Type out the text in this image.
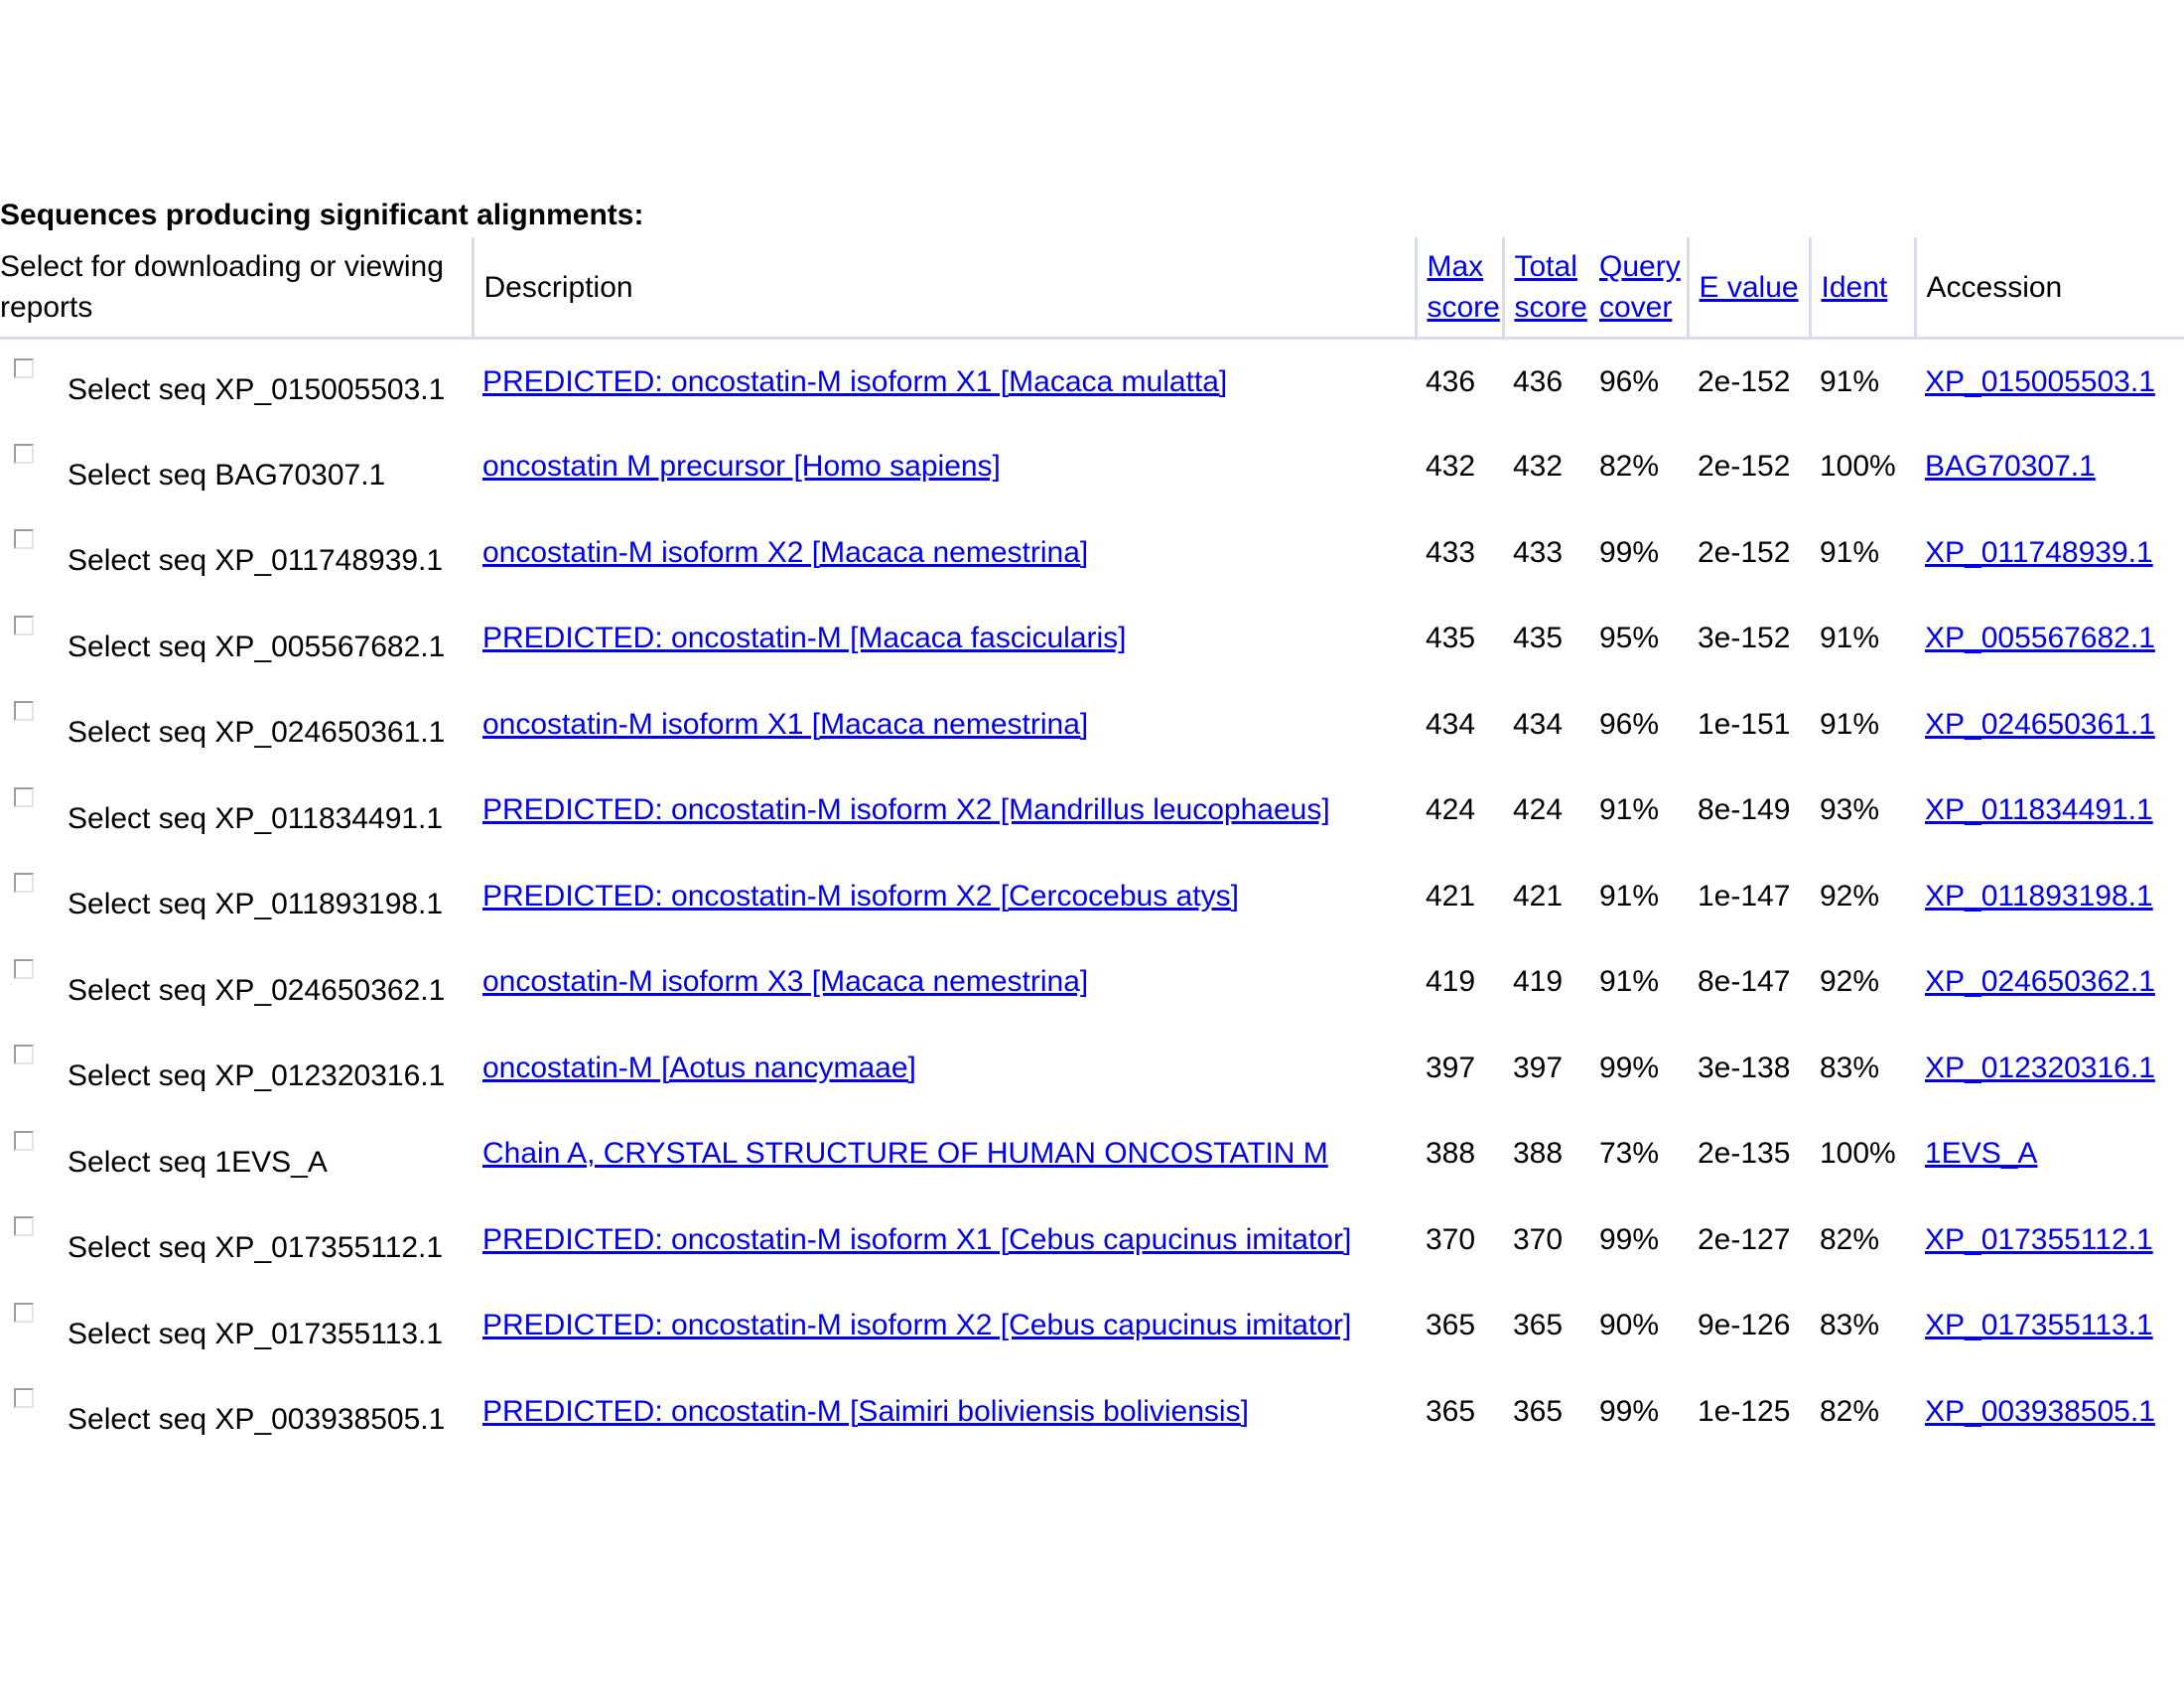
Sequences producing significant alignments:
Select for downloading or viewing reports	Description	Max score	Total score	Query cover	E value	Ident	Accession
Select seq XP_015005503.1	PREDICTED: oncostatin-M isoform X1 [Macaca mulatta]	436	436	96%	2e-152	91%	XP_015005503.1
Select seq BAG70307.1	oncostatin M precursor [Homo sapiens]	432	432	82%	2e-152	100%	BAG70307.1
Select seq XP_011748939.1	oncostatin-M isoform X2 [Macaca nemestrina]	433	433	99%	2e-152	91%	XP_011748939.1
Select seq XP_005567682.1	PREDICTED: oncostatin-M [Macaca fascicularis]	435	435	95%	3e-152	91%	XP_005567682.1
Select seq XP_024650361.1	oncostatin-M isoform X1 [Macaca nemestrina]	434	434	96%	1e-151	91%	XP_024650361.1
Select seq XP_011834491.1	PREDICTED: oncostatin-M isoform X2 [Mandrillus leucophaeus]	424	424	91%	8e-149	93%	XP_011834491.1
Select seq XP_011893198.1	PREDICTED: oncostatin-M isoform X2 [Cercocebus atys]	421	421	91%	1e-147	92%	XP_011893198.1
Select seq XP_024650362.1	oncostatin-M isoform X3 [Macaca nemestrina]	419	419	91%	8e-147	92%	XP_024650362.1
Select seq XP_012320316.1	oncostatin-M [Aotus nancymaae]	397	397	99%	3e-138	83%	XP_012320316.1
Select seq 1EVS_A	Chain A, CRYSTAL STRUCTURE OF HUMAN ONCOSTATIN M	388	388	73%	2e-135	100%	1EVS_A
Select seq XP_017355112.1	PREDICTED: oncostatin-M isoform X1 [Cebus capucinus imitator]	370	370	99%	2e-127	82%	XP_017355112.1
Select seq XP_017355113.1	PREDICTED: oncostatin-M isoform X2 [Cebus capucinus imitator]	365	365	90%	9e-126	83%	XP_017355113.1
Select seq XP_003938505.1	PREDICTED: oncostatin-M [Saimiri boliviensis boliviensis]	365	365	99%	1e-125	82%	XP_003938505.1
